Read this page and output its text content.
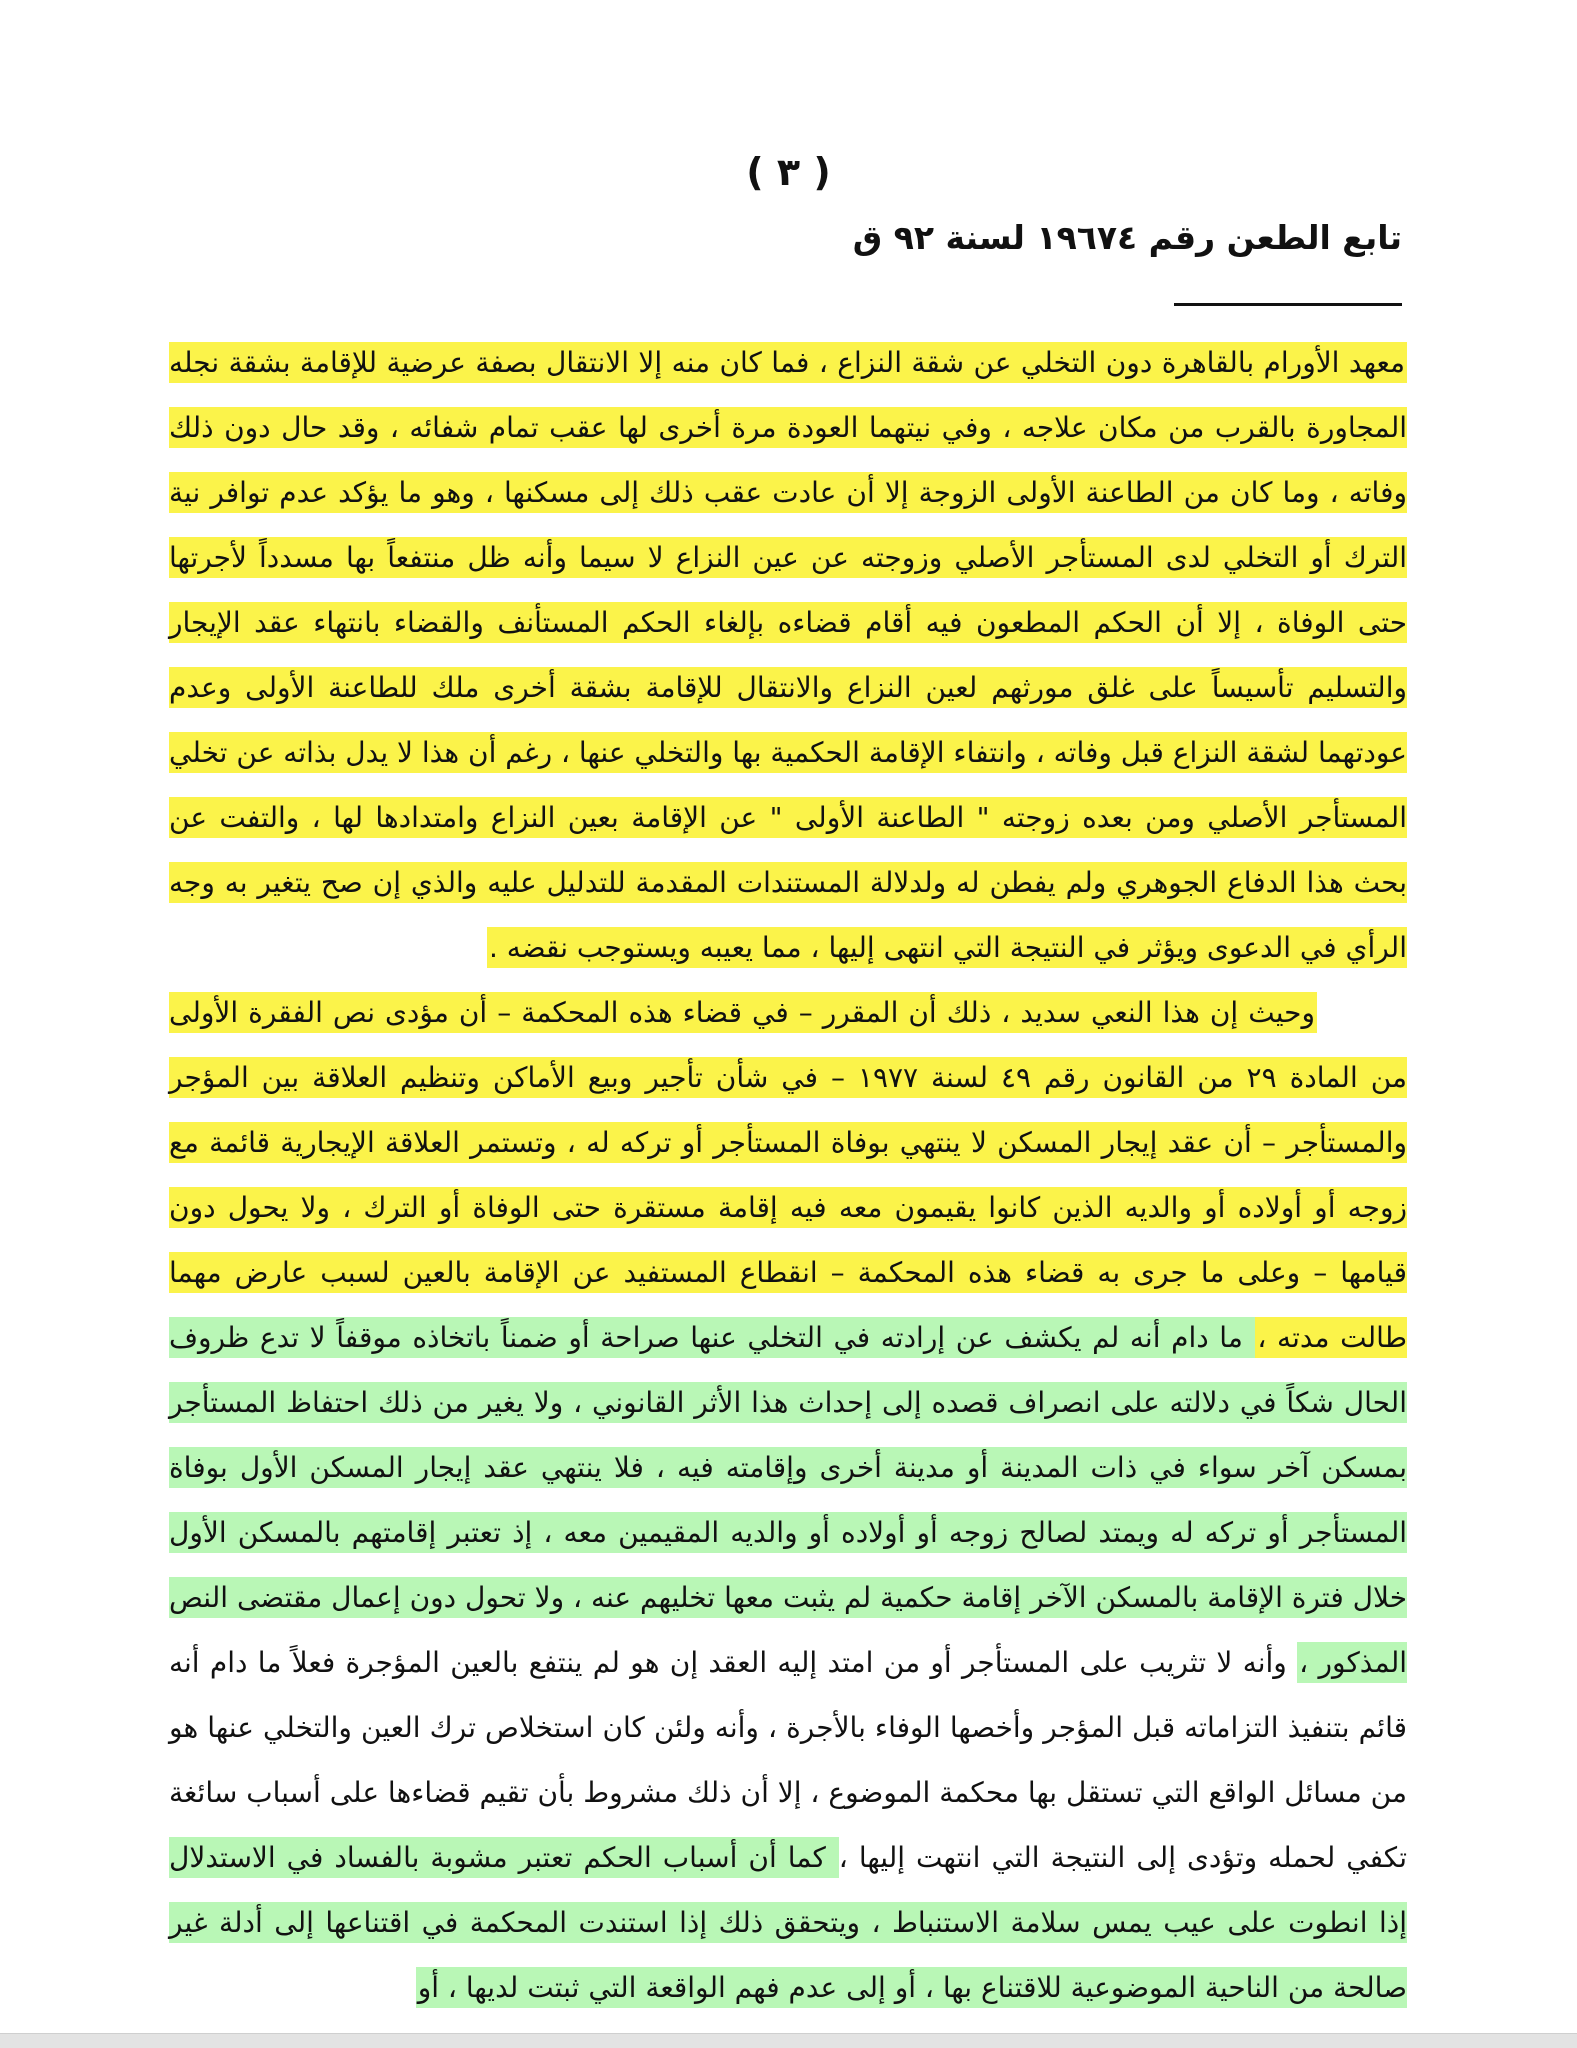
( ٣ )
تابع الطعن رقم ١٩٦٧٤ لسنة ٩٢ ق

معهد الأورام بالقاهرة دون التخلي عن شقة النزاع ، فما كان منه إلا الانتقال بصفة عرضية للإقامة بشقة نجله المجاورة بالقرب من مكان علاجه ، وفي نيتهما العودة مرة أخرى لها عقب تمام شفائه ، وقد حال دون ذلك وفاته ، وما كان من الطاعنة الأولى الزوجة إلا أن عادت عقب ذلك إلى مسكنها ، وهو ما يؤكد عدم توافر نية الترك أو التخلي لدى المستأجر الأصلي وزوجته عن عين النزاع لا سيما وأنه ظل منتفعاً بها مسدداً لأجرتها حتى الوفاة ، إلا أن الحكم المطعون فيه أقام قضاءه بإلغاء الحكم المستأنف والقضاء بانتهاء عقد الإيجار والتسليم تأسيساً على غلق مورثهم لعين النزاع والانتقال للإقامة بشقة أخرى ملك للطاعنة الأولى وعدم عودتهما لشقة النزاع قبل وفاته ، وانتفاء الإقامة الحكمية بها والتخلي عنها ، رغم أن هذا لا يدل بذاته عن تخلي المستأجر الأصلي ومن بعده زوجته " الطاعنة الأولى " عن الإقامة بعين النزاع وامتدادها لها ، والتفت عن بحث هذا الدفاع الجوهري ولم يفطن له ولدلالة المستندات المقدمة للتدليل عليه والذي إن صح يتغير به وجه الرأي في الدعوى ويؤثر في النتيجة التي انتهى إليها ، مما يعيبه ويستوجب نقضه .

وحيث إن هذا النعي سديد ، ذلك أن المقرر – في قضاء هذه المحكمة – أن مؤدى نص الفقرة الأولى من المادة ٢٩ من القانون رقم ٤٩ لسنة ١٩٧٧ – في شأن تأجير وبيع الأماكن وتنظيم العلاقة بين المؤجر والمستأجر – أن عقد إيجار المسكن لا ينتهي بوفاة المستأجر أو تركه له ، وتستمر العلاقة الإيجارية قائمة مع زوجه أو أولاده أو والديه الذين كانوا يقيمون معه فيه إقامة مستقرة حتى الوفاة أو الترك ، ولا يحول دون قيامها – وعلى ما جرى به قضاء هذه المحكمة – انقطاع المستفيد عن الإقامة بالعين لسبب عارض مهما طالت مدته ، ما دام أنه لم يكشف عن إرادته في التخلي عنها صراحة أو ضمناً باتخاذه موقفاً لا تدع ظروف الحال شكاً في دلالته على انصراف قصده إلى إحداث هذا الأثر القانوني ، ولا يغير من ذلك احتفاظ المستأجر بمسكن آخر سواء في ذات المدينة أو مدينة أخرى وإقامته فيه ، فلا ينتهي عقد إيجار المسكن الأول بوفاة المستأجر أو تركه له ويمتد لصالح زوجه أو أولاده أو والديه المقيمين معه ، إذ تعتبر إقامتهم بالمسكن الأول خلال فترة الإقامة بالمسكن الآخر إقامة حكمية لم يثبت معها تخليهم عنه ، ولا تحول دون إعمال مقتضى النص المذكور ، وأنه لا تثريب على المستأجر أو من امتد إليه العقد إن هو لم ينتفع بالعين المؤجرة فعلاً ما دام أنه قائم بتنفيذ التزاماته قبل المؤجر وأخصها الوفاء بالأجرة ، وأنه ولئن كان استخلاص ترك العين والتخلي عنها هو من مسائل الواقع التي تستقل بها محكمة الموضوع ، إلا أن ذلك مشروط بأن تقيم قضاءها على أسباب سائغة تكفي لحمله وتؤدى إلى النتيجة التي انتهت إليها ، كما أن أسباب الحكم تعتبر مشوبة بالفساد في الاستدلال إذا انطوت على عيب يمس سلامة الاستنباط ، ويتحقق ذلك إذا استندت المحكمة في اقتناعها إلى أدلة غير صالحة من الناحية الموضوعية للاقتناع بها ، أو إلى عدم فهم الواقعة التي ثبتت لديها ، أو
